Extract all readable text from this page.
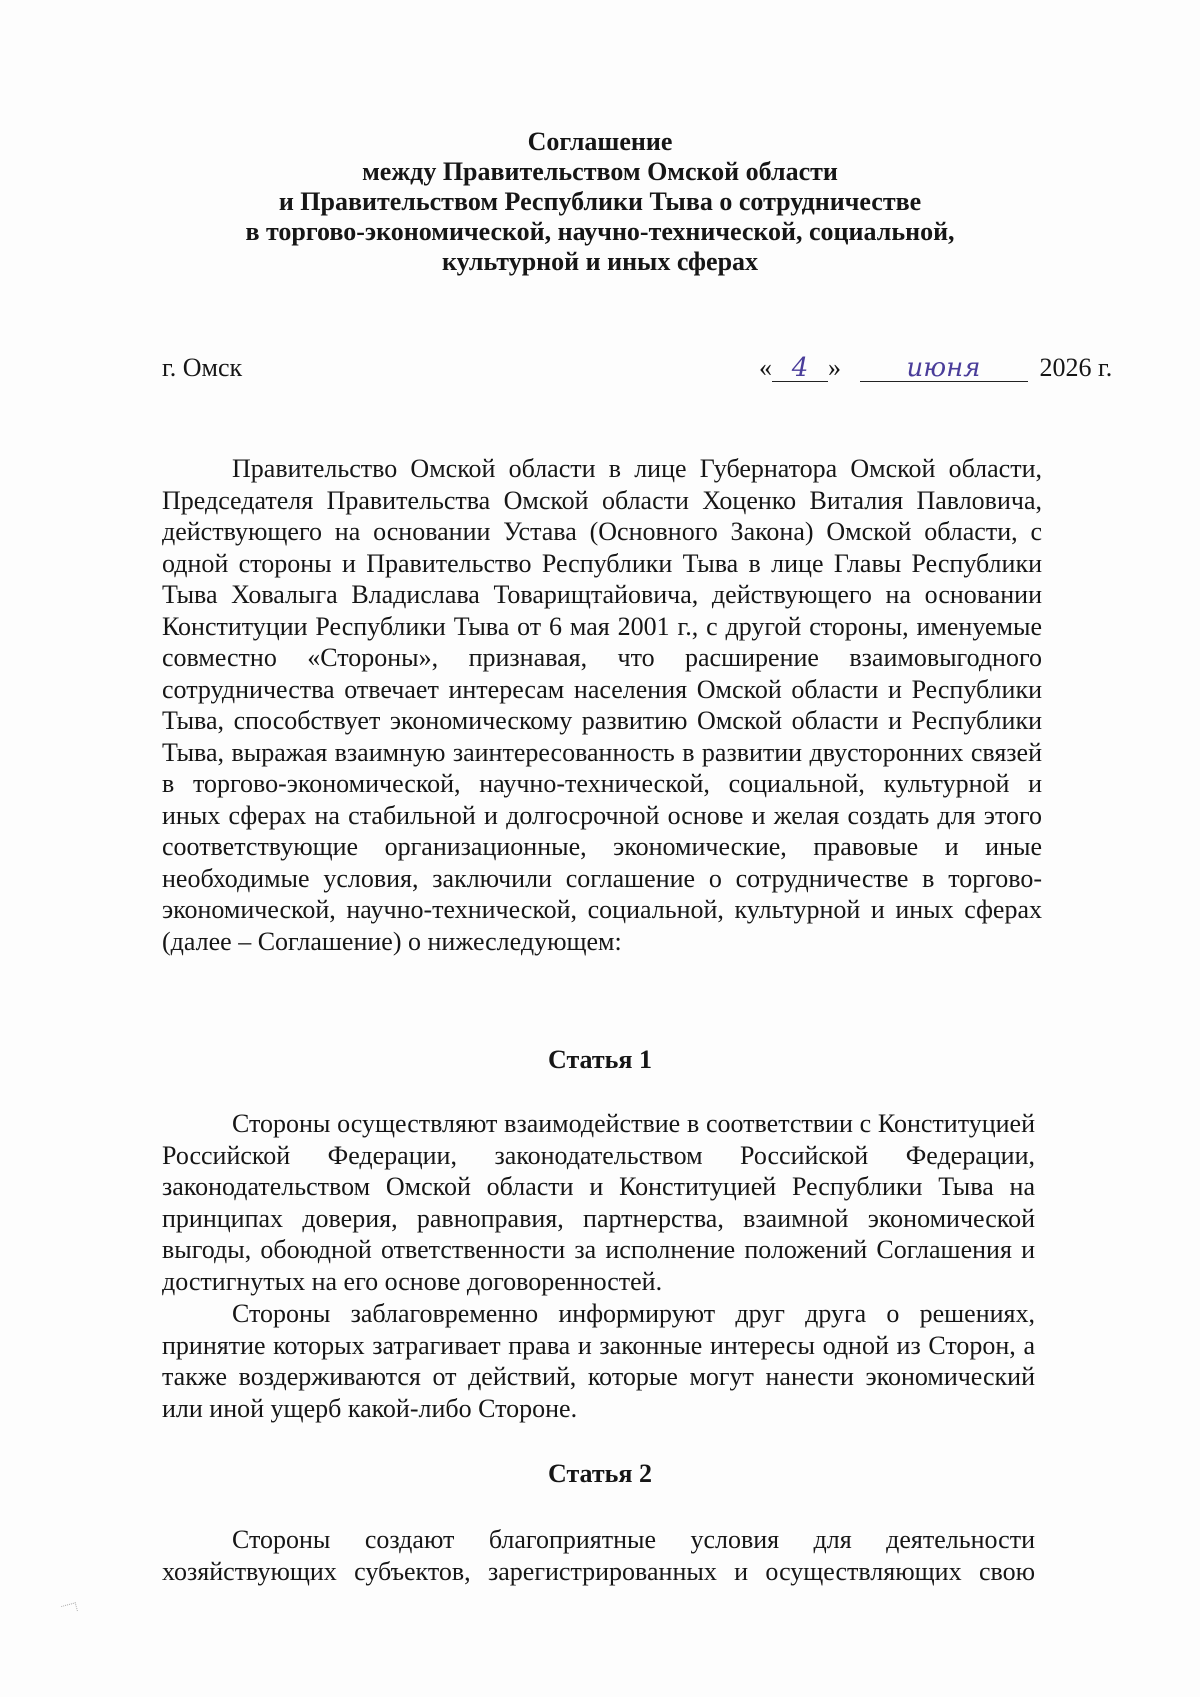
Соглашение
между Правительством Омской области
и Правительством Республики Тыва о сотрудничестве
в торгово-экономической, научно-технической, социальной,
культурной и иных сферах
г. Омск	« 4 »	июня 2026 г.

Правительство Омской области в лице Губернатора Омской области, Председателя Правительства Омской области Хоценко Виталия Павловича, действующего на основании Устава (Основного Закона) Омской области, с одной стороны и Правительство Республики Тыва в лице Главы Республики Тыва Ховалыга Владислава Товарищтайовича, действующего на основании Конституции Республики Тыва от 6 мая 2001 г., с другой стороны, именуемые совместно «Стороны», признавая, что расширение взаимовыгодного сотрудничества отвечает интересам населения Омской области и Республики Тыва, способствует экономическому развитию Омской области и Республики Тыва, выражая взаимную заинтересованность в развитии двусторонних связей в торгово-экономической, научно-технической, социальной, культурной и иных сферах на стабильной и долгосрочной основе и желая создать для этого соответствующие организационные, экономические, правовые и иные необходимые условия, заключили соглашение о сотрудничестве в торгово-экономической, научно-технической, социальной, культурной и иных сферах (далее – Соглашение) о нижеследующем:

Статья 1

Стороны осуществляют взаимодействие в соответствии с Конституцией Российской Федерации, законодательством Российской Федерации, законодательством Омской области и Конституцией Республики Тыва на принципах доверия, равноправия, партнерства, взаимной экономической выгоды, обоюдной ответственности за исполнение положений Соглашения и достигнутых на его основе договоренностей.

Стороны заблаговременно информируют друг друга о решениях, принятие которых затрагивает права и законные интересы одной из Сторон, а также воздерживаются от действий, которые могут нанести экономический или иной ущерб какой-либо Стороне.

Статья 2

Стороны создают благоприятные условия для деятельности хозяйствующих субъектов, зарегистрированных и осуществляющих свою
